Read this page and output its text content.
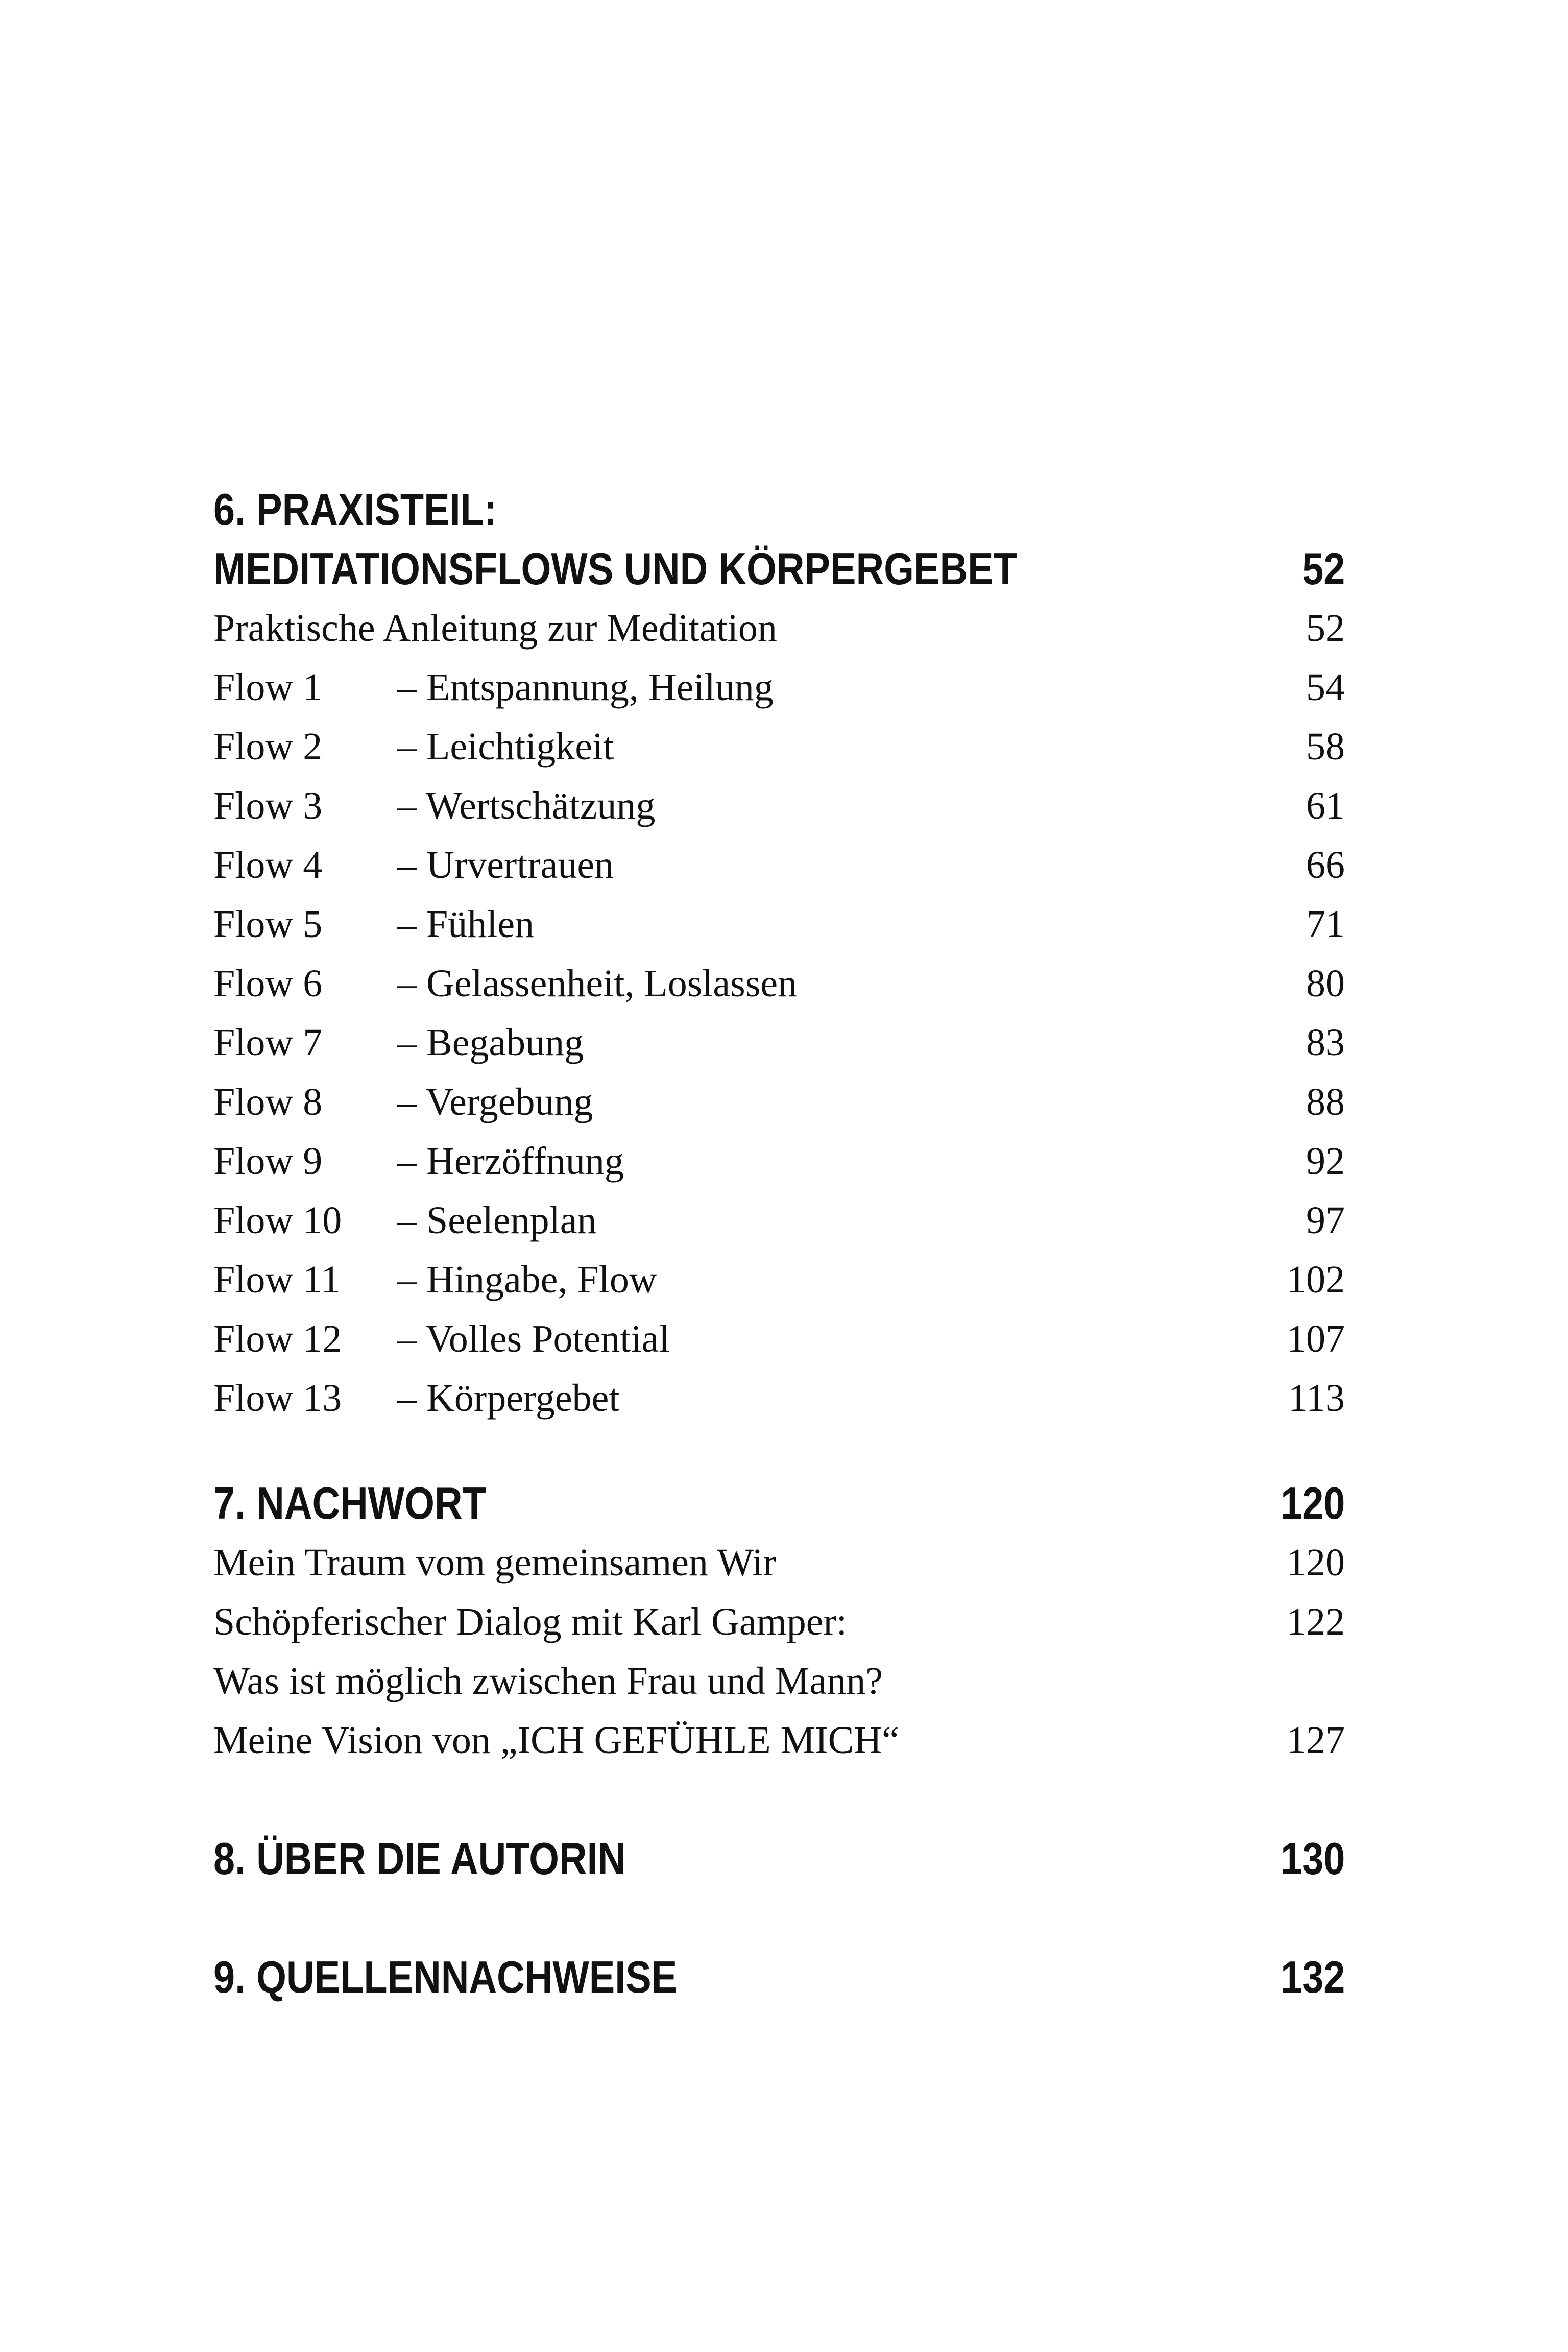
6. PRAXISTEIL:
MEDITATIONSFLOWS UND KÖRPERGEBET	52
Praktische Anleitung zur Meditation	52
Flow 1	– Entspannung, Heilung	54
Flow 2	– Leichtigkeit	58
Flow 3	– Wertschätzung	61
Flow 4	– Urvertrauen	66
Flow 5	– Fühlen	71
Flow 6	– Gelassenheit, Loslassen	80
Flow 7	– Begabung	83
Flow 8	– Vergebung	88
Flow 9	– Herzöffnung	92
Flow 10	– Seelenplan	97
Flow 11	– Hingabe, Flow	102
Flow 12	– Volles Potential	107
Flow 13	– Körpergebet	113
7. NACHWORT	120
Mein Traum vom gemeinsamen Wir	120
Schöpferischer Dialog mit Karl Gamper:	122
Was ist möglich zwischen Frau und Mann?
Meine Vision von „ICH GEFÜHLE MICH“	127
8. ÜBER DIE AUTORIN	130
9. QUELLENNACHWEISE	132
